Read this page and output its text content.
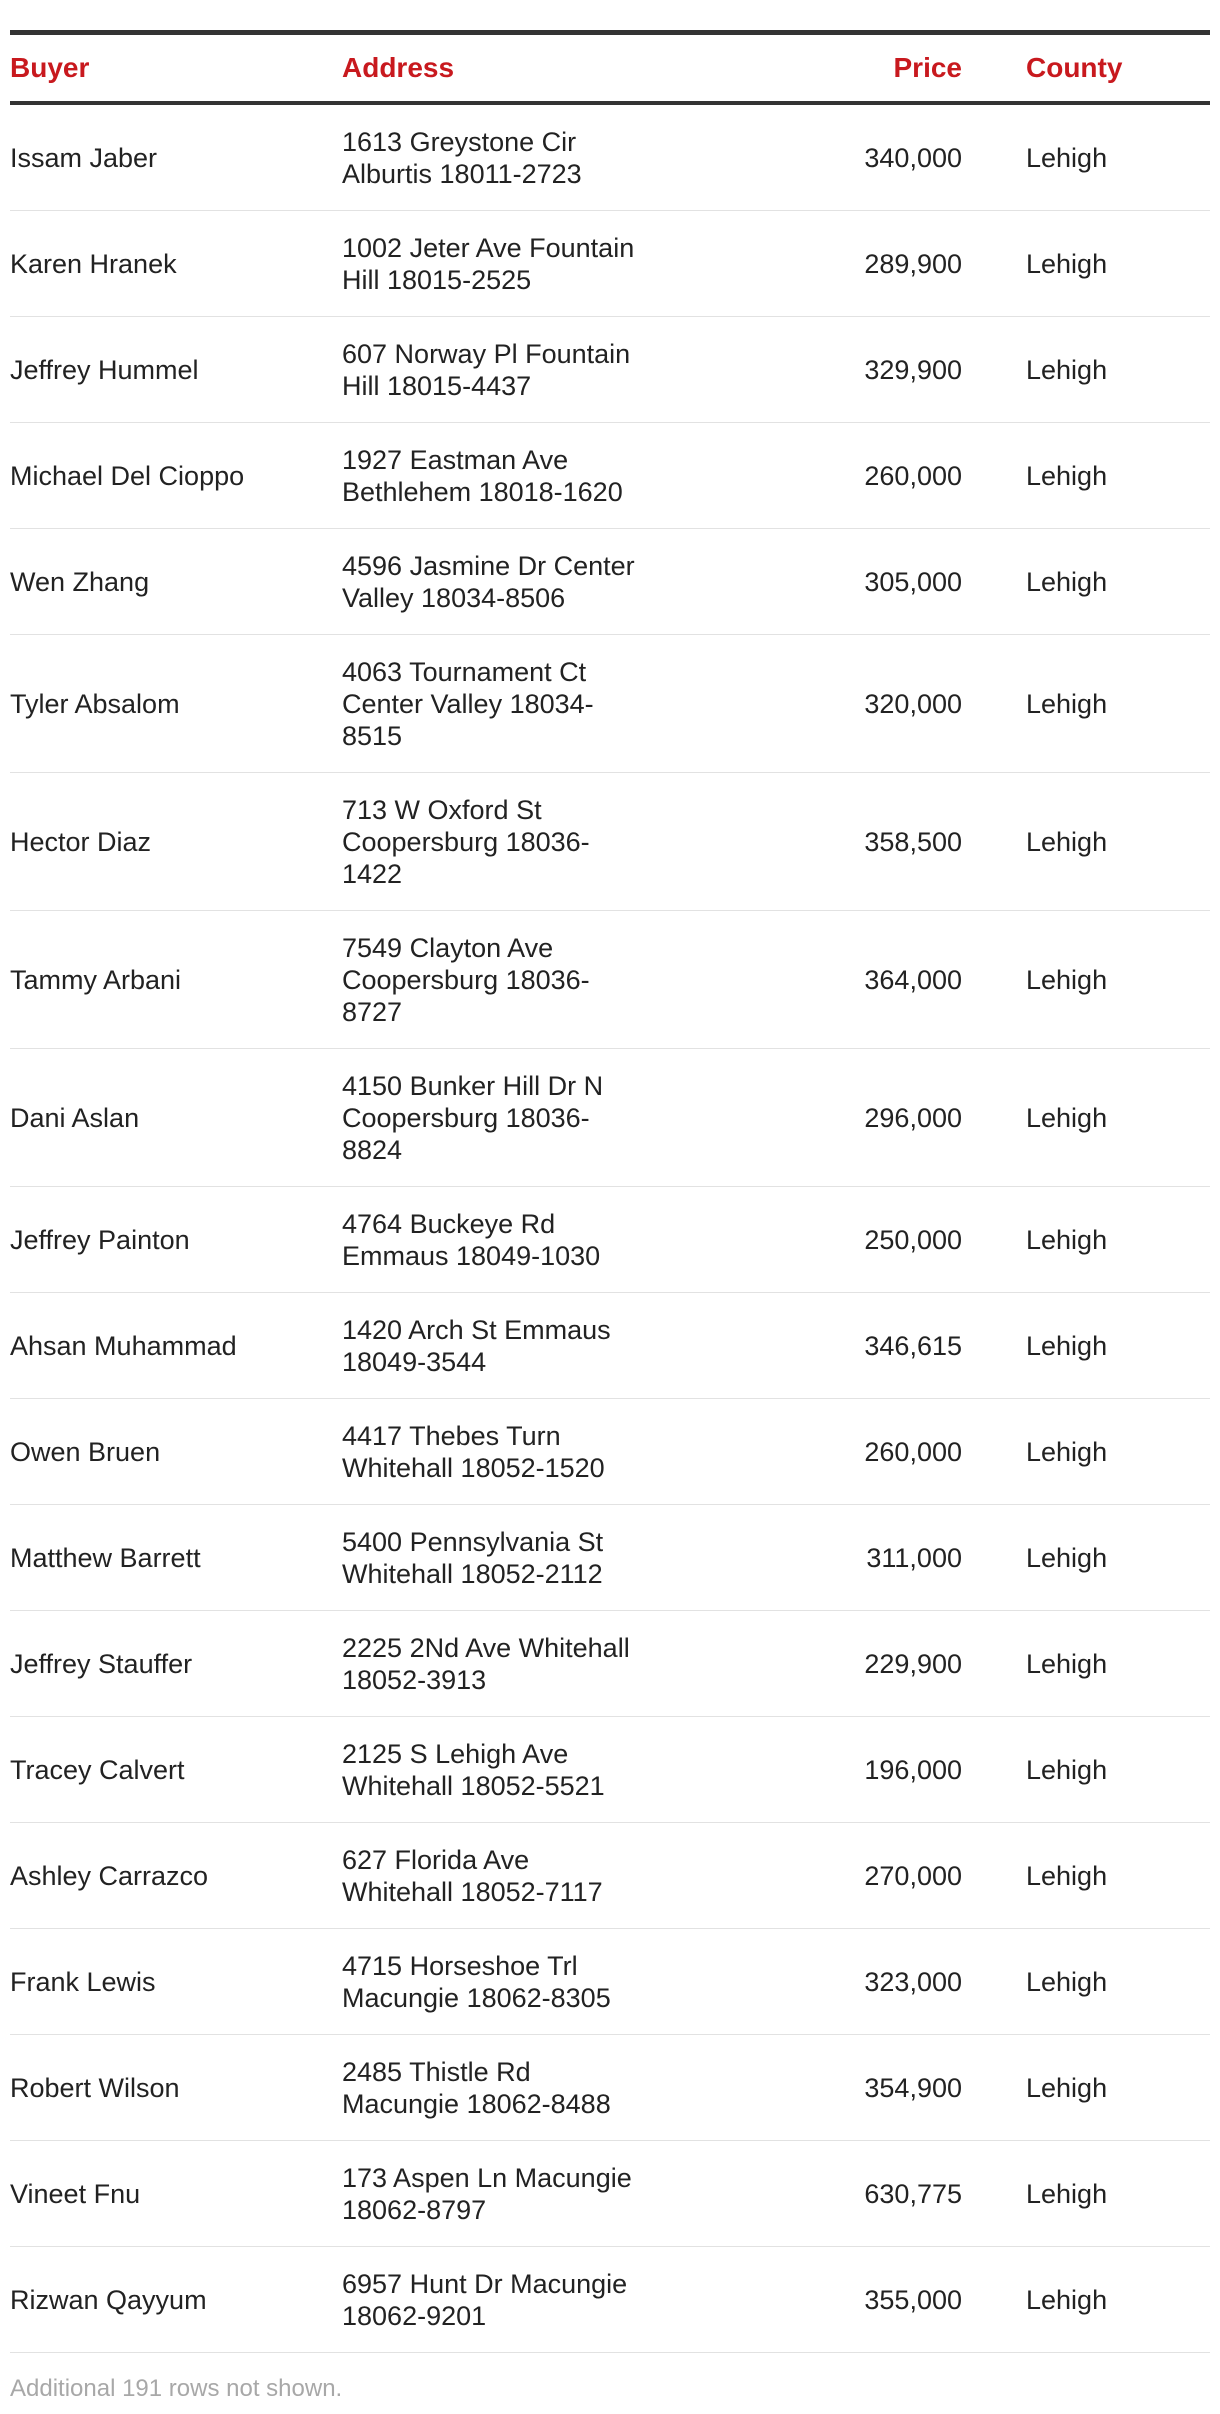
Buyer	Address	Price	County
Issam Jaber	1613 Greystone Cir Alburtis 18011-2723	340,000	Lehigh
Karen Hranek	1002 Jeter Ave Fountain Hill 18015-2525	289,900	Lehigh
Jeffrey Hummel	607 Norway Pl Fountain Hill 18015-4437	329,900	Lehigh
Michael Del Cioppo	1927 Eastman Ave Bethlehem 18018-1620	260,000	Lehigh
Wen Zhang	4596 Jasmine Dr Center Valley 18034-8506	305,000	Lehigh
Tyler Absalom	4063 Tournament Ct Center Valley 18034-8515	320,000	Lehigh
Hector Diaz	713 W Oxford St Coopersburg 18036-1422	358,500	Lehigh
Tammy Arbani	7549 Clayton Ave Coopersburg 18036-8727	364,000	Lehigh
Dani Aslan	4150 Bunker Hill Dr N Coopersburg 18036-8824	296,000	Lehigh
Jeffrey Painton	4764 Buckeye Rd Emmaus 18049-1030	250,000	Lehigh
Ahsan Muhammad	1420 Arch St Emmaus 18049-3544	346,615	Lehigh
Owen Bruen	4417 Thebes Turn Whitehall 18052-1520	260,000	Lehigh
Matthew Barrett	5400 Pennsylvania St Whitehall 18052-2112	311,000	Lehigh
Jeffrey Stauffer	2225 2Nd Ave Whitehall 18052-3913	229,900	Lehigh
Tracey Calvert	2125 S Lehigh Ave Whitehall 18052-5521	196,000	Lehigh
Ashley Carrazco	627 Florida Ave Whitehall 18052-7117	270,000	Lehigh
Frank Lewis	4715 Horseshoe Trl Macungie 18062-8305	323,000	Lehigh
Robert Wilson	2485 Thistle Rd Macungie 18062-8488	354,900	Lehigh
Vineet Fnu	173 Aspen Ln Macungie 18062-8797	630,775	Lehigh
Rizwan Qayyum	6957 Hunt Dr Macungie 18062-9201	355,000	Lehigh
Additional 191 rows not shown.
